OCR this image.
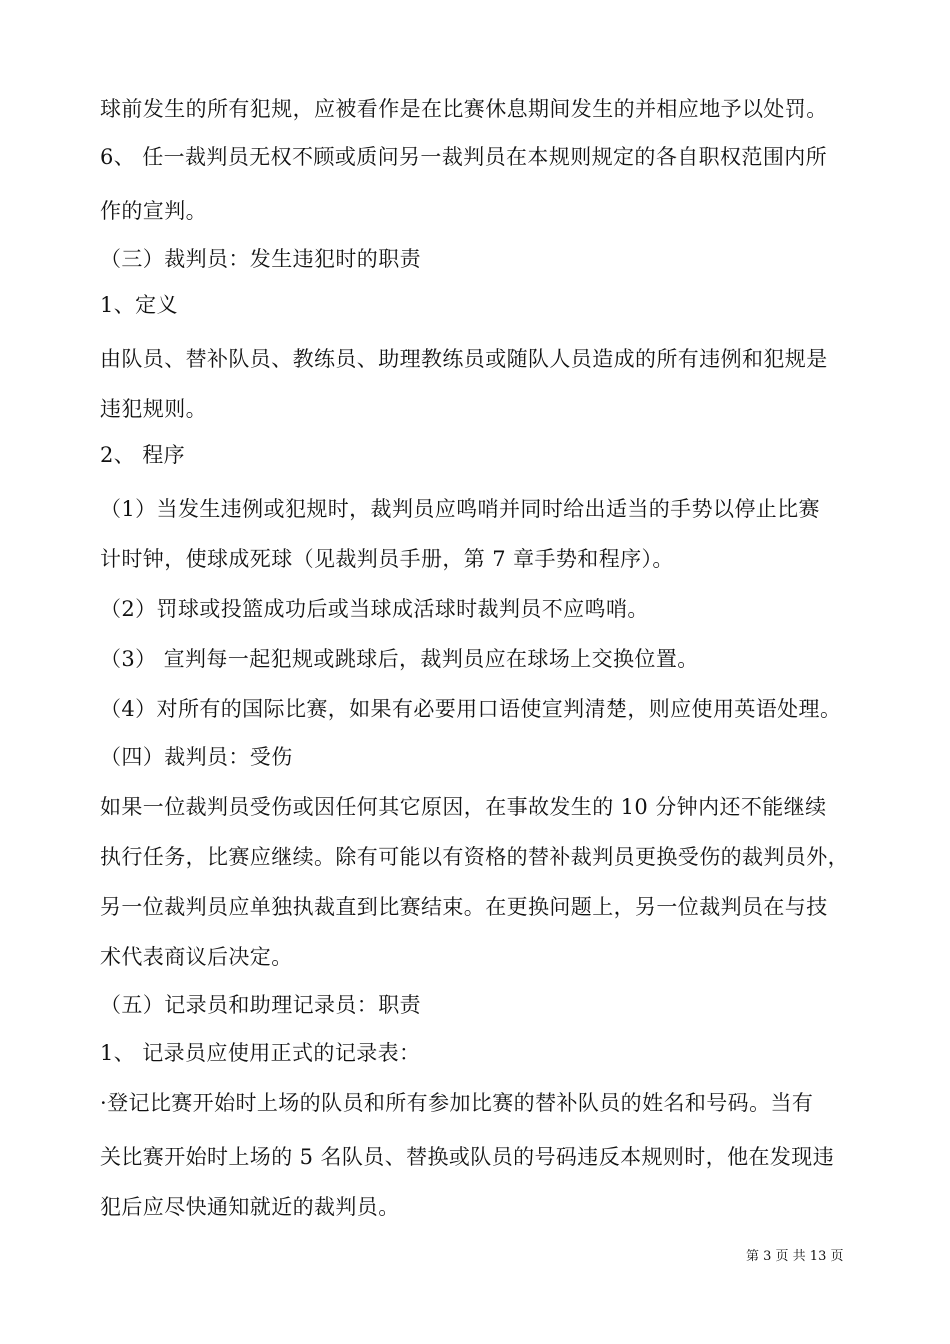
球前发生的所有犯规，应被看作是在比赛休息期间发生的并相应地予以处罚。

6、 任一裁判员无权不顾或质问另一裁判员在本规则规定的各自职权范围内所

作的宣判。

（三）裁判员：发生违犯时的职责

1、定义

由队员、替补队员、教练员、助理教练员或随队人员造成的所有违例和犯规是

违犯规则。

2、 程序

（1）当发生违例或犯规时，裁判员应鸣哨并同时给出适当的手势以停止比赛

计时钟，使球成死球（见裁判员手册，第 7 章手势和程序）。

（2）罚球或投篮成功后或当球成活球时裁判员不应鸣哨。

（3） 宣判每一起犯规或跳球后，裁判员应在球场上交换位置。

（4）对所有的国际比赛，如果有必要用口语使宣判清楚，则应使用英语处理。

（四）裁判员：受伤

如果一位裁判员受伤或因任何其它原因，在事故发生的 10 分钟内还不能继续

执行任务，比赛应继续。除有可能以有资格的替补裁判员更换受伤的裁判员外，

另一位裁判员应单独执裁直到比赛结束。在更换问题上，另一位裁判员在与技

术代表商议后决定。

（五）记录员和助理记录员：职责

1、 记录员应使用正式的记录表：

·登记比赛开始时上场的队员和所有参加比赛的替补队员的姓名和号码。当有

关比赛开始时上场的 5 名队员、替换或队员的号码违反本规则时，他在发现违

犯后应尽快通知就近的裁判员。

第 3 页 共 13 页
